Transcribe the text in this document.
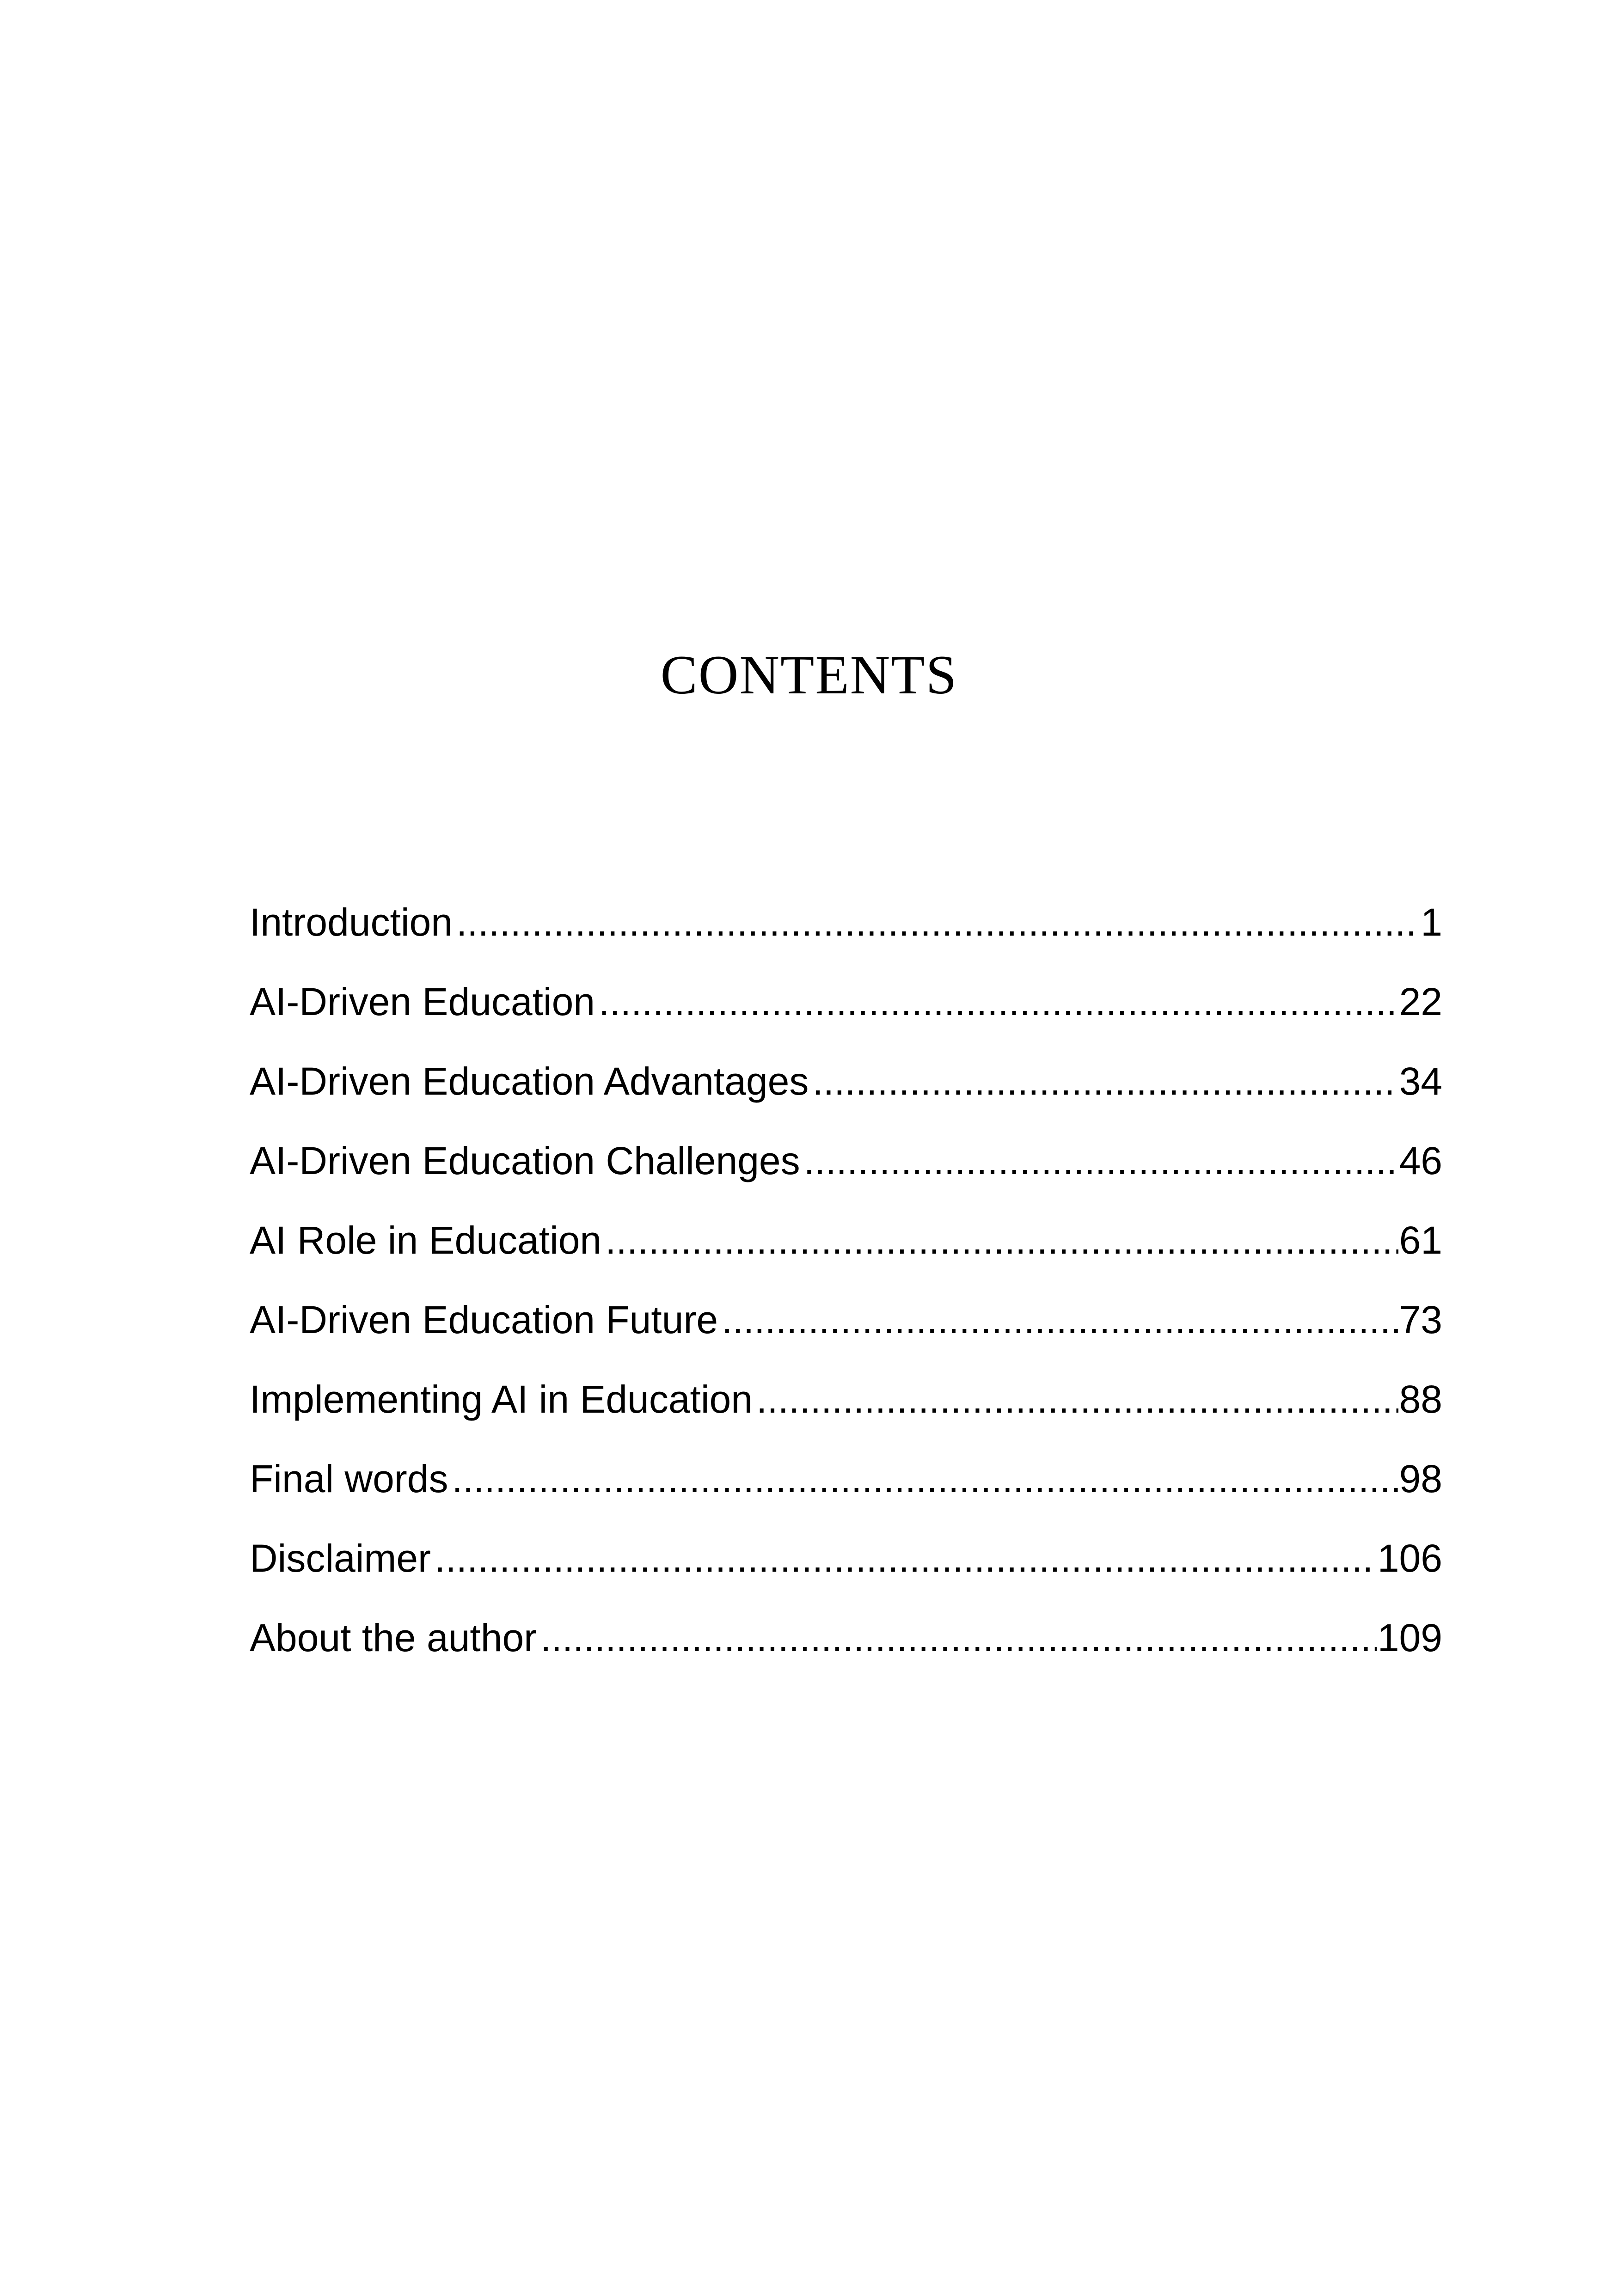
CONTENTS
Introduction .....	1
AI-Driven Education .....	22
AI-Driven Education Advantages .....	34
AI-Driven Education Challenges .....	46
AI Role in Education .....	61
AI-Driven Education Future .....	73
Implementing AI in Education .....	88
Final words .....	98
Disclaimer .....	106
About the author .....	109
